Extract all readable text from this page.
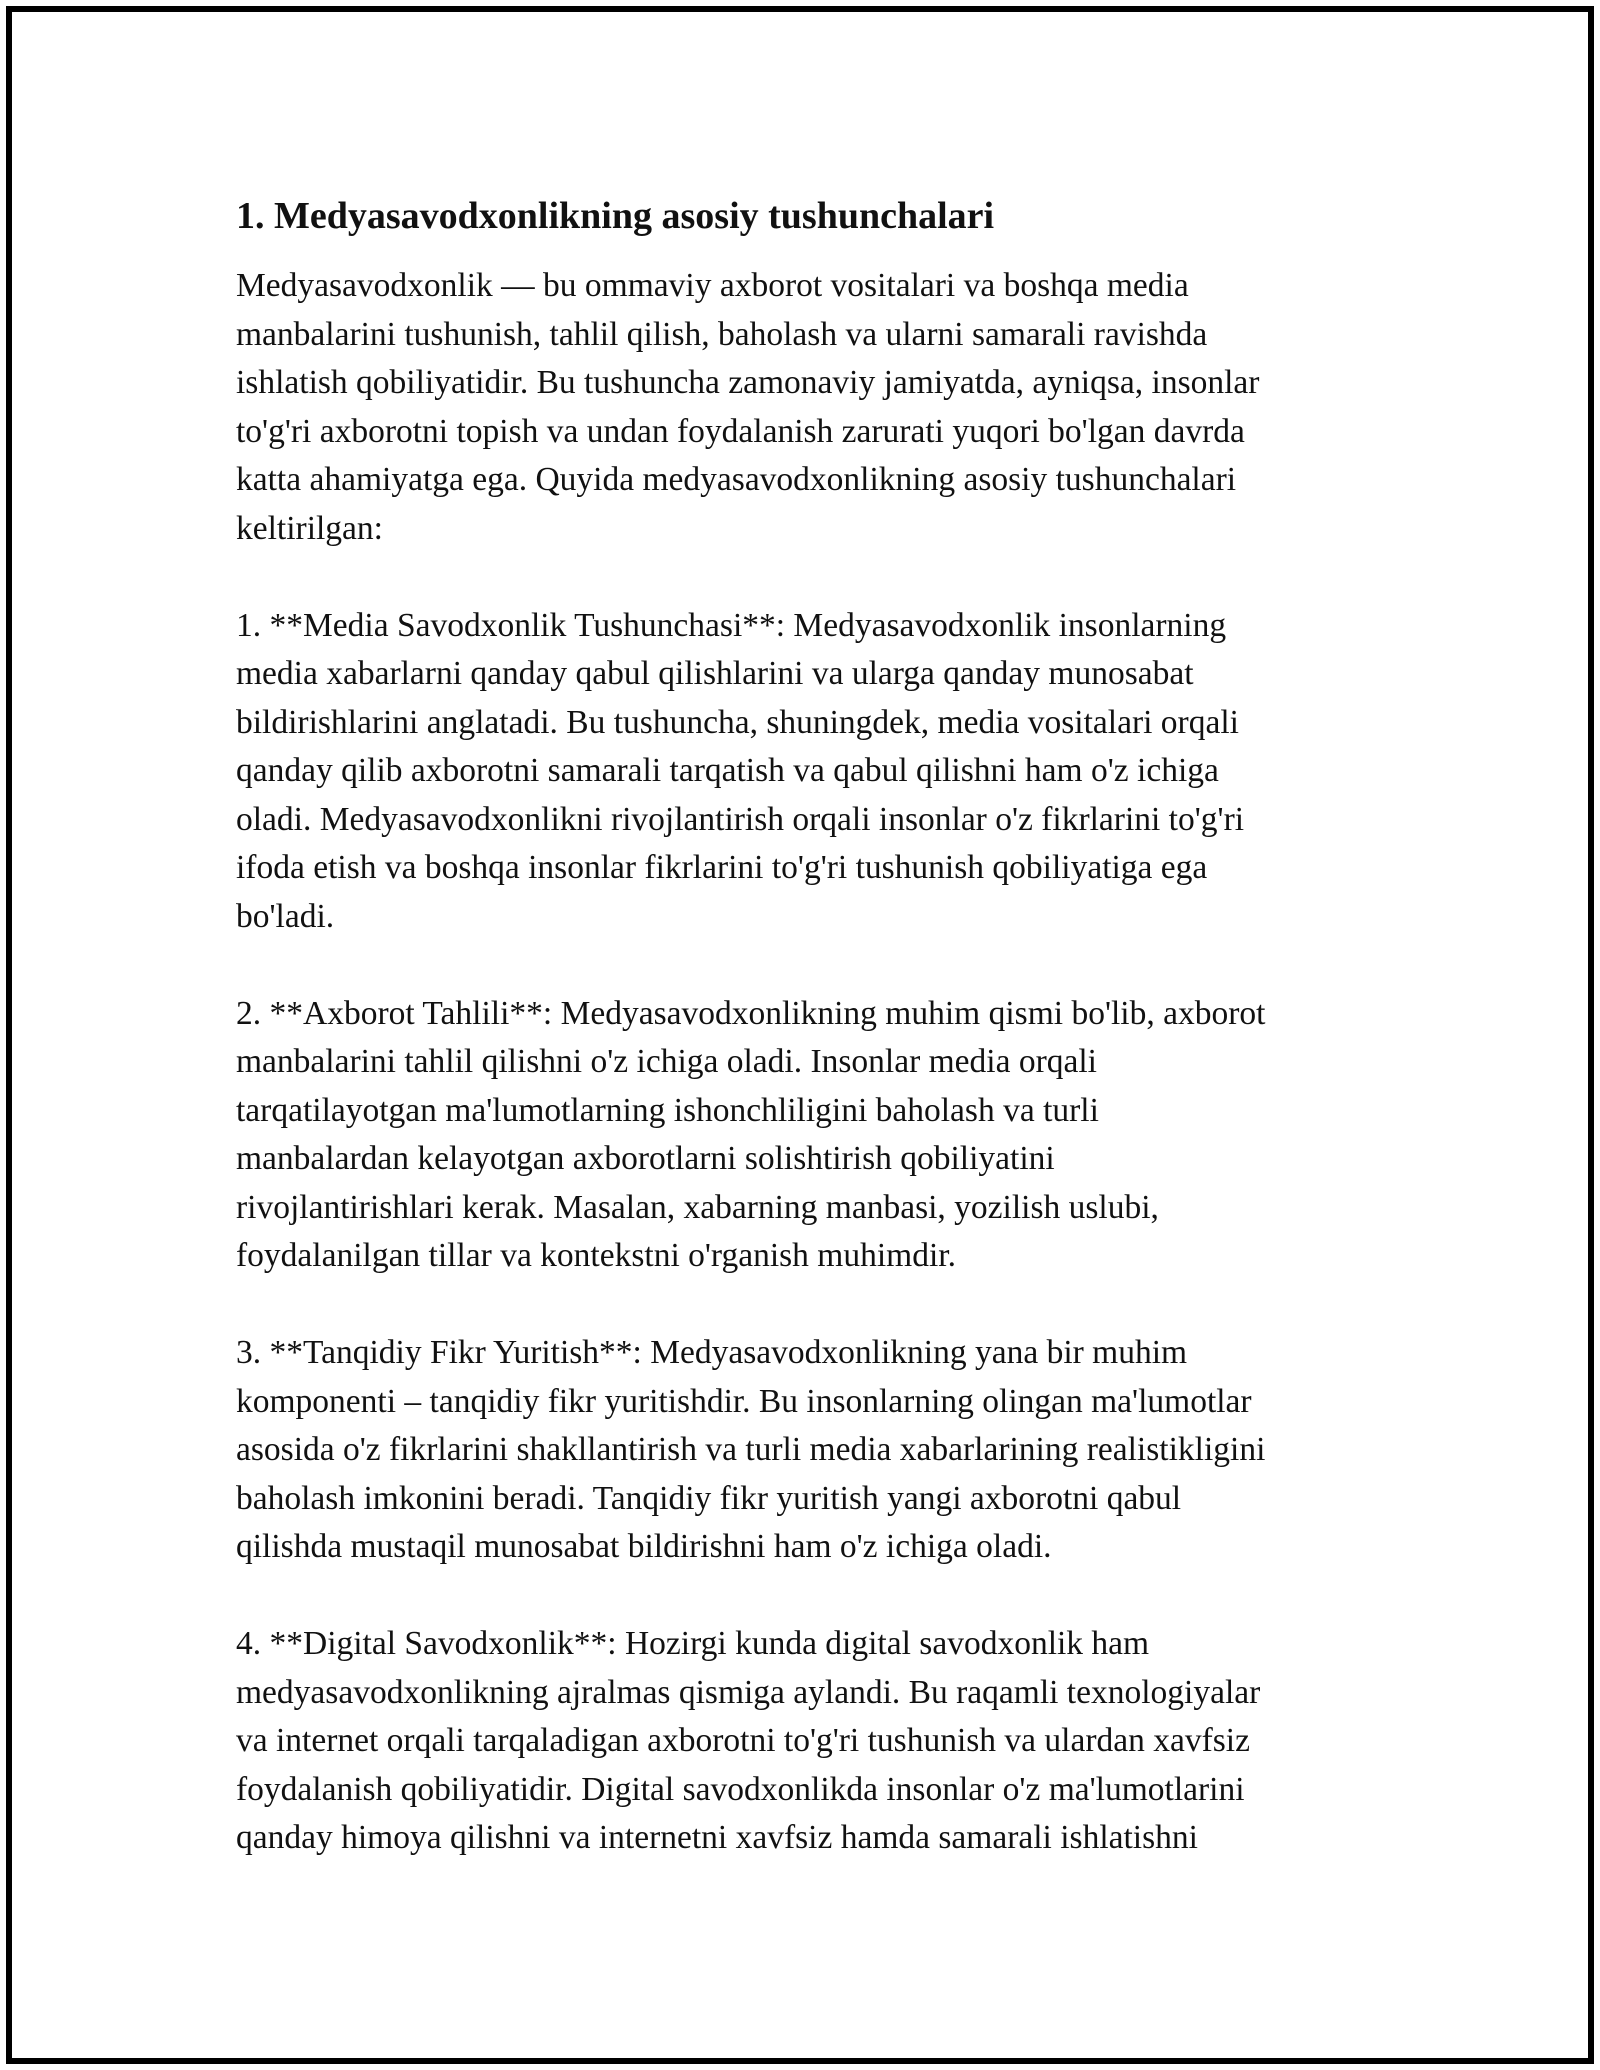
1. Medyasavodxonlikning asosiy tushunchalari

Medyasavodxonlik — bu ommaviy axborot vositalari va boshqa media
manbalarini tushunish, tahlil qilish, baholash va ularni samarali ravishda
ishlatish qobiliyatidir. Bu tushuncha zamonaviy jamiyatda, ayniqsa, insonlar
to'g'ri axborotni topish va undan foydalanish zarurati yuqori bo'lgan davrda
katta ahamiyatga ega. Quyida medyasavodxonlikning asosiy tushunchalari
keltirilgan:

1. **Media Savodxonlik Tushunchasi**: Medyasavodxonlik insonlarning
media xabarlarni qanday qabul qilishlarini va ularga qanday munosabat
bildirishlarini anglatadi. Bu tushuncha, shuningdek, media vositalari orqali
qanday qilib axborotni samarali tarqatish va qabul qilishni ham o'z ichiga
oladi. Medyasavodxonlikni rivojlantirish orqali insonlar o'z fikrlarini to'g'ri
ifoda etish va boshqa insonlar fikrlarini to'g'ri tushunish qobiliyatiga ega
bo'ladi.

2. **Axborot Tahlili**: Medyasavodxonlikning muhim qismi bo'lib, axborot
manbalarini tahlil qilishni o'z ichiga oladi. Insonlar media orqali
tarqatilayotgan ma'lumotlarning ishonchliligini baholash va turli
manbalardan kelayotgan axborotlarni solishtirish qobiliyatini
rivojlantirishlari kerak. Masalan, xabarning manbasi, yozilish uslubi,
foydalanilgan tillar va kontekstni o'rganish muhimdir.

3. **Tanqidiy Fikr Yuritish**: Medyasavodxonlikning yana bir muhim
komponenti – tanqidiy fikr yuritishdir. Bu insonlarning olingan ma'lumotlar
asosida o'z fikrlarini shakllantirish va turli media xabarlarining realistikligini
baholash imkonini beradi. Tanqidiy fikr yuritish yangi axborotni qabul
qilishda mustaqil munosabat bildirishni ham o'z ichiga oladi.

4. **Digital Savodxonlik**: Hozirgi kunda digital savodxonlik ham
medyasavodxonlikning ajralmas qismiga aylandi. Bu raqamli texnologiyalar
va internet orqali tarqaladigan axborotni to'g'ri tushunish va ulardan xavfsiz
foydalanish qobiliyatidir. Digital savodxonlikda insonlar o'z ma'lumotlarini
qanday himoya qilishni va internetni xavfsiz hamda samarali ishlatishni
